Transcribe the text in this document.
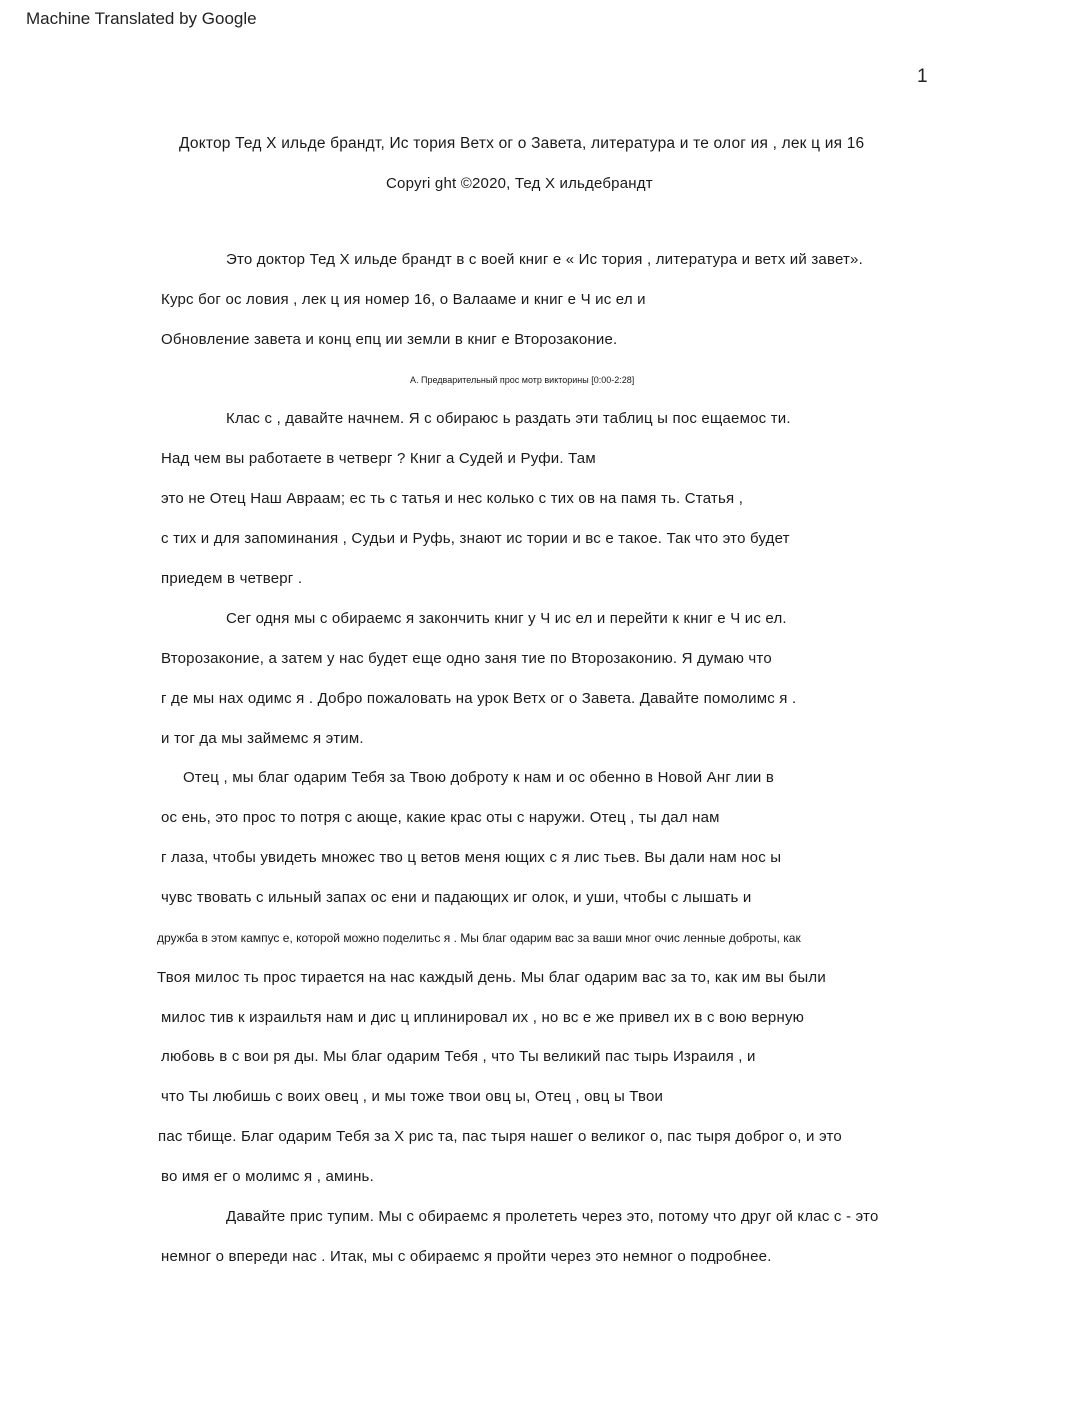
Machine Translated by Google
1
Доктор Тед Х ильде брандт, Ис тория Ветх ог о Завета, литература и те олог ия , лек ц ия 16
Copyri ght ©2020, Тед Х ильдебрандт
Это доктор Тед Х ильде брандт в с воей книг е « Ис тория , литература и ветх ий завет».
Курс бог ос ловия , лек ц ия номер 16, о Валааме и книг е Ч ис ел и
Обновление завета и конц епц ии земли в книг е Второзаконие.
А. Предварительный прос мотр викторины [0:00-2:28]
Клас с , давайте начнем. Я с обираюс ь раздать эти таблиц ы пос ещаемос ти.
Над чем вы работаете в четверг ? Книг а Судей и Руфи. Там
это не Отец Наш Авраам; ес ть с татья и нес колько с тих ов на памя ть. Статья ,
с тих и для запоминания , Судьи и Руфь, знают ис тории и вс е такое. Так что это будет
приедем в четверг .
Сег одня мы с обираемс я закончить книг у Ч ис ел и перейти к книг е Ч ис ел.
Второзаконие, а затем у нас будет еще одно заня тие по Второзаконию. Я думаю что
г де мы нах одимс я . Добро пожаловать на урок Ветх ог о Завета. Давайте помолимс я .
и тог да мы займемс я этим.
Отец , мы благ одарим Тебя за Твою доброту к нам и ос обенно в Новой Анг лии в
ос ень, это прос то потря с ающе, какие крас оты с наружи. Отец , ты дал нам
г лаза, чтобы увидеть множес тво ц ветов меня ющих с я лис тьев. Вы дали нам нос ы
чувс твовать с ильный запах ос ени и падающих иг олок, и уши, чтобы с лышать и
дружба в этом кампус е, которой можно поделитьс я . Мы благ одарим вас за ваши мног очис ленные доброты, как
Твоя милос ть прос тирается на нас каждый день. Мы благ одарим вас за то, как им вы были
милос тив к израильтя нам и дис ц иплинировал их , но вс е же привел их в с вою верную
любовь в с вои ря ды. Мы благ одарим Тебя , что Ты великий пас тырь Израиля , и
что Ты любишь с воих овец , и мы тоже твои овц ы, Отец , овц ы Твои
пас тбище. Благ одарим Тебя за Х рис та, пас тыря нашег о великог о, пас тыря доброг о, и это
во имя ег о молимс я , аминь.
Давайте прис тупим. Мы с обираемс я пролететь через это, потому что друг ой клас с - это
немног о впереди нас . Итак, мы с обираемс я пройти через это немног о подробнее.
